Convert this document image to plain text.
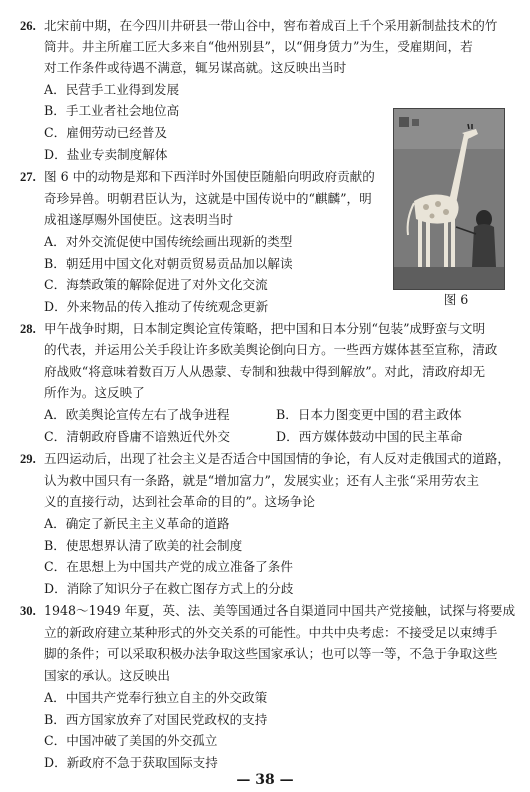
26. 北宋前中期，在今四川井研县一带山谷中，窖布着成百上千个采用新制盐技术的竹
筒井。井主所雇工匠大多来自“他州别县”，以“佣身赁力”为生，受雇期间，若
对工作条件或待遇不满意，辄另谋高就。这反映出当时
A．民营手工业得到发展
B．手工业者社会地位高
C．雇佣劳动已经普及
D．盐业专卖制度解体
27. 图 6 中的动物是郑和下西洋时外国使臣随船向明政府贡献的
奇珍异兽。明朝君臣认为，这就是中国传说中的“麒麟”，明
成祖遂厚赐外国使臣。这表明当时
A．对外交流促使中国传统绘画出现新的类型
B．朝廷用中国文化对朝贡贸易贡品加以解读
C．海禁政策的解除促进了对外文化交流
D．外来物品的传入推动了传统观念更新	图 6
28. 甲午战争时期，日本制定舆论宣传策略，把中国和日本分别“包装”成野蛮与文明
的代表，并运用公关手段让许多欧美舆论倒向日方。一些西方媒体甚至宣称，清政
府战败“将意味着数百万人从愚蒙、专制和独裁中得到解放”。对此，清政府却无
所作为。这反映了
A．欧美舆论宣传左右了战争进程	B．日本力图变更中国的君主政体
C．清朝政府昏庸不谙熟近代外交	D．西方媒体鼓动中国的民主革命
29. 五四运动后，出现了社会主义是否适合中国国情的争论，有人反对走俄国式的道路，
认为救中国只有一条路，就是“增加富力”，发展实业；还有人主张“采用劳农主
义的直接行动，达到社会革命的目的”。这场争论
A．确定了新民主主义革命的道路
B．使思想界认清了欧美的社会制度
C．在思想上为中国共产党的成立准备了条件
D．消除了知识分子在救亡图存方式上的分歧
30. 1948～1949 年夏，英、法、美等国通过各自渠道同中国共产党接触，试探与将要成
立的新政府建立某种形式的外交关系的可能性。中共中央考虑：不接受足以束缚手
脚的条件；可以采取积极办法争取这些国家承认；也可以等一等，不急于争取这些
国家的承认。这反映出
A．中国共产党奉行独立自主的外交政策
B．西方国家放弃了对国民党政权的支持
C．中国冲破了美国的外交孤立
D．新政府不急于获取国际支持
— 38 —
